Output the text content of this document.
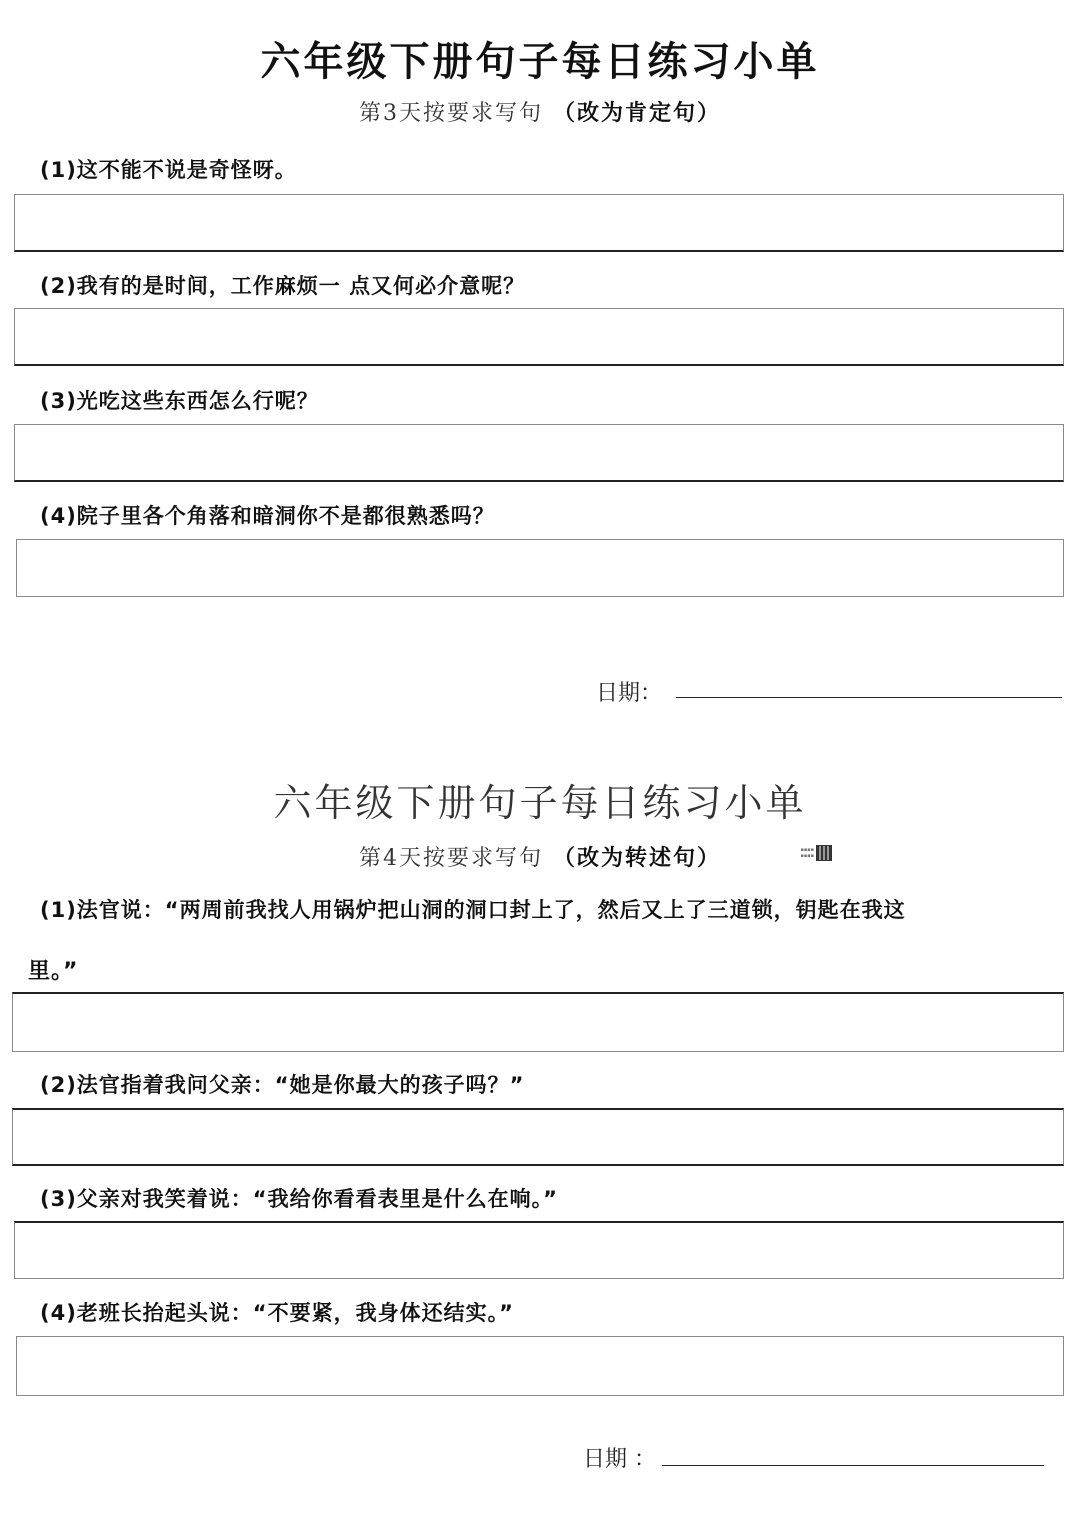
六年级下册句子每日练习小单
第3天按要求写句 （改为肯定句）
(1)这不能不说是奇怪呀。
(2)我有的是时间，工作麻烦一 点又何必介意呢？
(3)光吃这些东西怎么行呢？
(4)院子里各个角落和暗洞你不是都很熟悉吗？
日期：
六年级下册句子每日练习小单
第4天按要求写句 （改为转述句）	▪▪▪▪
▪▪▪▪
(1)法官说：“两周前我找人用锅炉把山洞的洞口封上了，然后又上了三道锁，钥匙在我这
里。”
(2)法官指着我问父亲：“她是你最大的孩子吗？”
(3)父亲对我笑着说：“我给你看看表里是什么在响。”
(4)老班长抬起头说：“不要紧，我身体还结实。”
日期 ：
